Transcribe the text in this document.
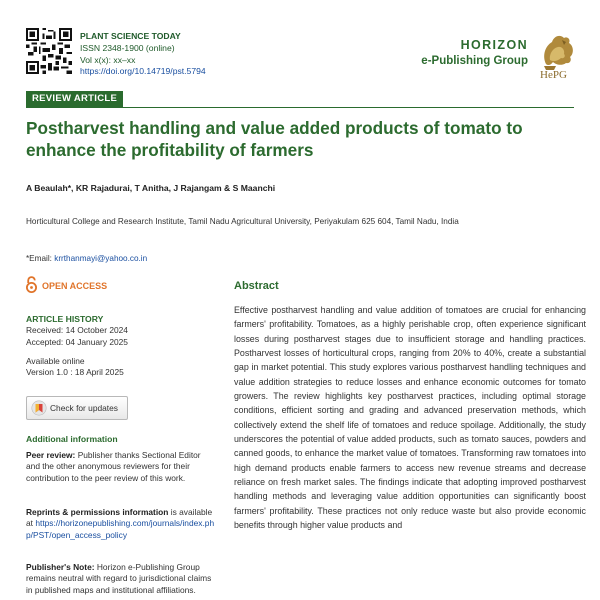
PLANT SCIENCE TODAY
ISSN 2348-1900 (online)
Vol x(x): xx–xx
https://doi.org/10.14719/pst.5794
HORIZON
e-Publishing Group
HePG
REVIEW ARTICLE
Postharvest handling and value added products of tomato to enhance the profitability of farmers
A Beaulah*, KR Rajadurai, T Anitha, J Rajangam & S Maanchi
Horticultural College and Research Institute, Tamil Nadu Agricultural University, Periyakulam 625 604, Tamil Nadu, India
*Email: krrthanmayi@yahoo.co.in
OPEN ACCESS
ARTICLE HISTORY
Received: 14 October 2024
Accepted: 04 January 2025
Available online
Version 1.0 : 18 April 2025
Check for updates
Additional information
Peer review: Publisher thanks Sectional Editor and the other anonymous reviewers for their contribution to the peer review of this work.
Reprints & permissions information is available at https://horizonepublishing.com/journals/index.php/PST/open_access_policy
Publisher's Note: Horizon e-Publishing Group remains neutral with regard to jurisdictional claims in published maps and institutional affiliations.
Abstract

Effective postharvest handling and value addition of tomatoes are crucial for enhancing farmers' profitability. Tomatoes, as a highly perishable crop, often experience significant losses during postharvest stages due to insufficient storage and handling practices. Postharvest losses of horticultural crops, ranging from 20% to 40%, create a substantial gap in market potential. This study explores various postharvest handling techniques and value addition strategies to reduce losses and enhance economic outcomes for tomato growers. The review highlights key postharvest practices, including optimal storage conditions, efficient sorting and grading and advanced preservation methods, which collectively extend the shelf life of tomatoes and reduce spoilage. Additionally, the study underscores the potential of value added products, such as tomato sauces, powders and canned goods, to enhance the market value of tomatoes. Transforming raw tomatoes into high demand products enable farmers to access new revenue streams and decrease reliance on fresh market sales. The findings indicate that adopting improved postharvest handling methods and leveraging value addition opportunities can significantly boost farmers' profitability. These practices not only reduce waste but also provide economic benefits through higher value products and
